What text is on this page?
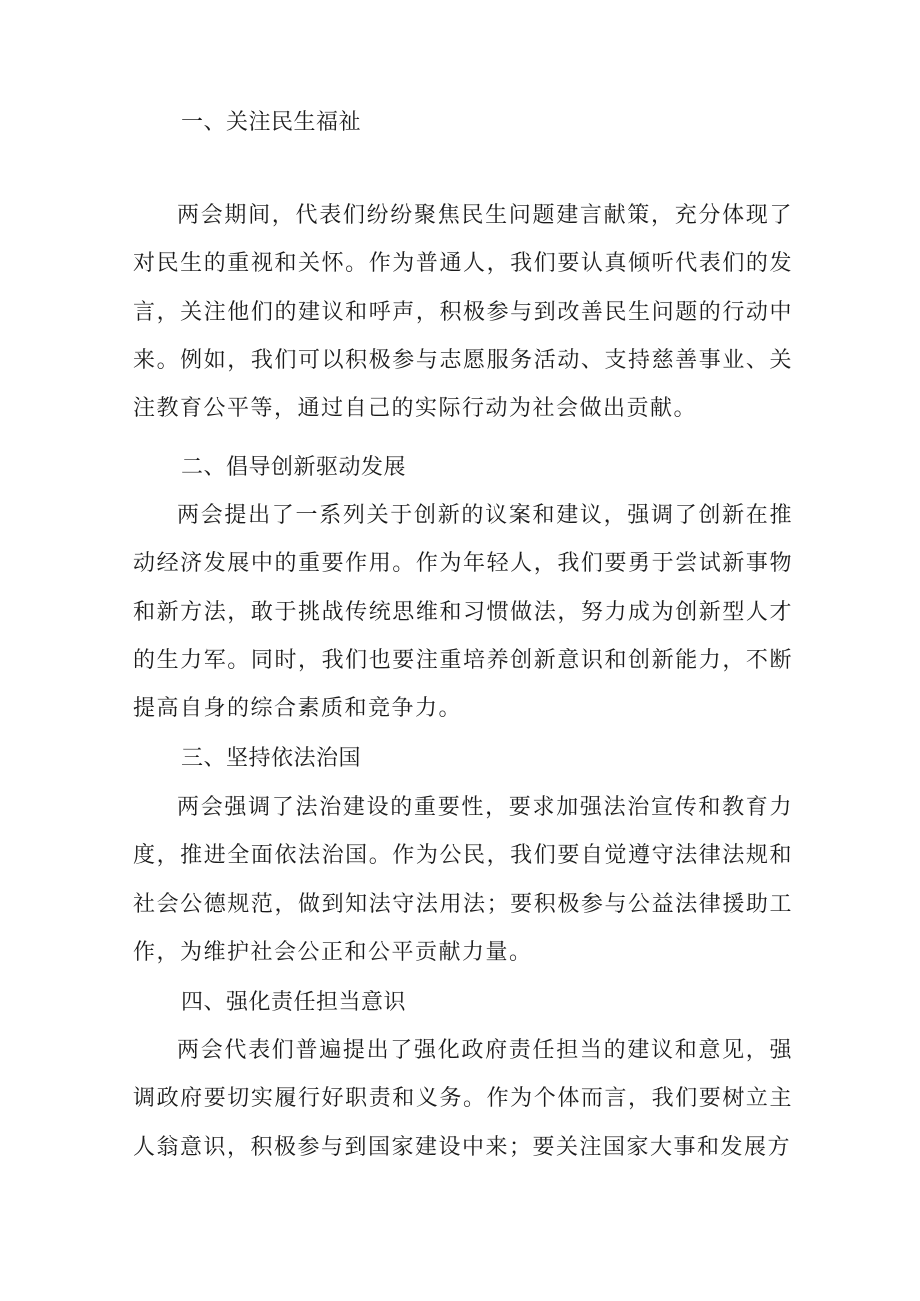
一、关注民生福祉

两会期间，代表们纷纷聚焦民生问题建言献策，充分体现了对民生的重视和关怀。作为普通人，我们要认真倾听代表们的发言，关注他们的建议和呼声，积极参与到改善民生问题的行动中来。例如，我们可以积极参与志愿服务活动、支持慈善事业、关注教育公平等，通过自己的实际行动为社会做出贡献。

二、倡导创新驱动发展

两会提出了一系列关于创新的议案和建议，强调了创新在推动经济发展中的重要作用。作为年轻人，我们要勇于尝试新事物和新方法，敢于挑战传统思维和习惯做法，努力成为创新型人才的生力军。同时，我们也要注重培养创新意识和创新能力，不断提高自身的综合素质和竞争力。

三、坚持依法治国

两会强调了法治建设的重要性，要求加强法治宣传和教育力度，推进全面依法治国。作为公民，我们要自觉遵守法律法规和社会公德规范，做到知法守法用法；要积极参与公益法律援助工作，为维护社会公正和公平贡献力量。

四、强化责任担当意识

两会代表们普遍提出了强化政府责任担当的建议和意见，强调政府要切实履行好职责和义务。作为个体而言，我们要树立主人翁意识，积极参与到国家建设中来；要关注国家大事和发展方
